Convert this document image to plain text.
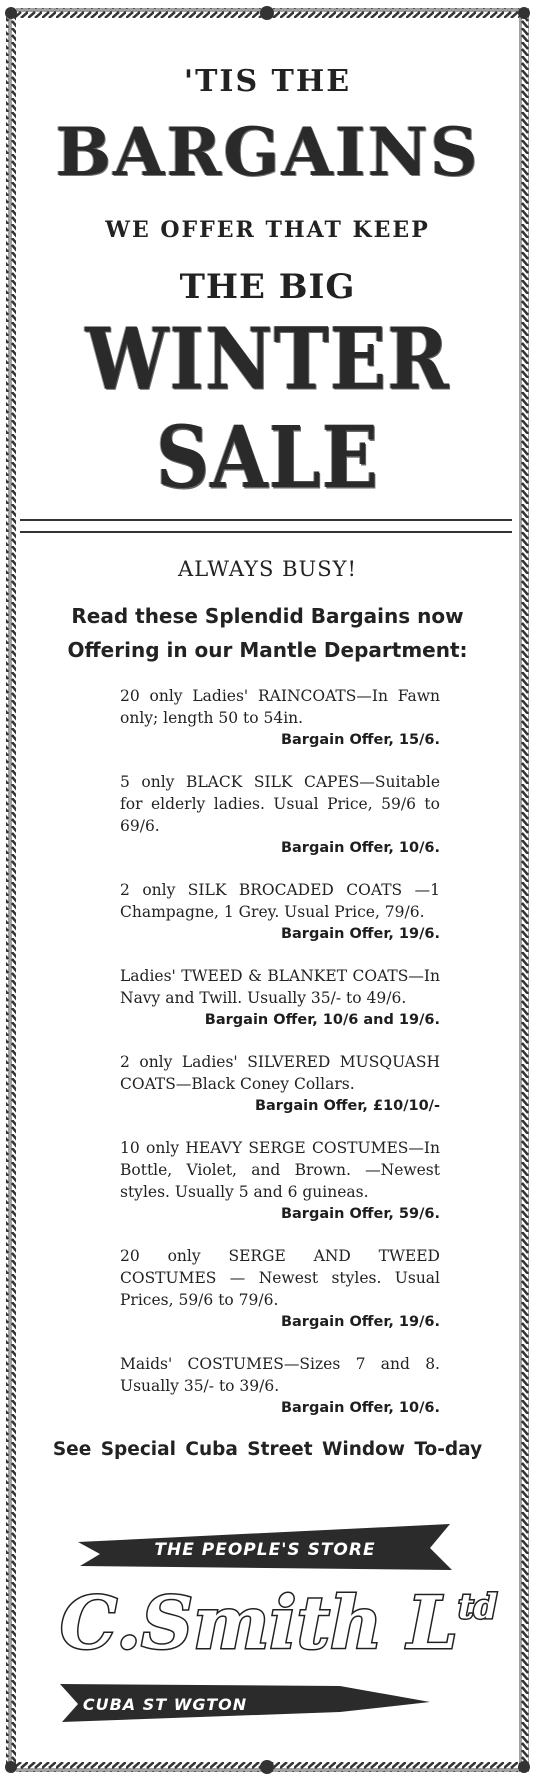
'TIS THE
BARGAINS
WE OFFER THAT KEEP
THE BIG
WINTER SALE
ALWAYS BUSY!
Read these Splendid Bargains now
Offering in our Mantle Department:
20 only Ladies' RAINCOATS—In Fawn only; length 50 to 54in.
Bargain Offer, 15/6.
5 only BLACK SILK CAPES—Suitable for elderly ladies. Usual Price, 59/6 to 69/6.
Bargain Offer, 10/6.
2 only SILK BROCADED COATS —1 Champagne, 1 Grey. Usual Price, 79/6.
Bargain Offer, 19/6.
Ladies' TWEED & BLANKET COATS—In Navy and Twill. Usually 35/- to 49/6.
Bargain Offer, 10/6 and 19/6.
2 only Ladies' SILVERED MUSQUASH COATS—Black Coney Collars.
Bargain Offer, £10/10/-
10 only HEAVY SERGE COSTUMES—In Bottle, Violet, and Brown. —Newest styles. Usually 5 and 6 guineas.
Bargain Offer, 59/6.
20 only SERGE AND TWEED COSTUMES — Newest styles. Usual Prices, 59/6 to 79/6.
Bargain Offer, 19/6.
Maids' COSTUMES—Sizes 7 and 8. Usually 35/- to 39/6.
Bargain Offer, 10/6.
See Special Cuba Street Window To-day
THE PEOPLE'S STORE
C.Smith $L^{td}$
CUBA ST WGTON
